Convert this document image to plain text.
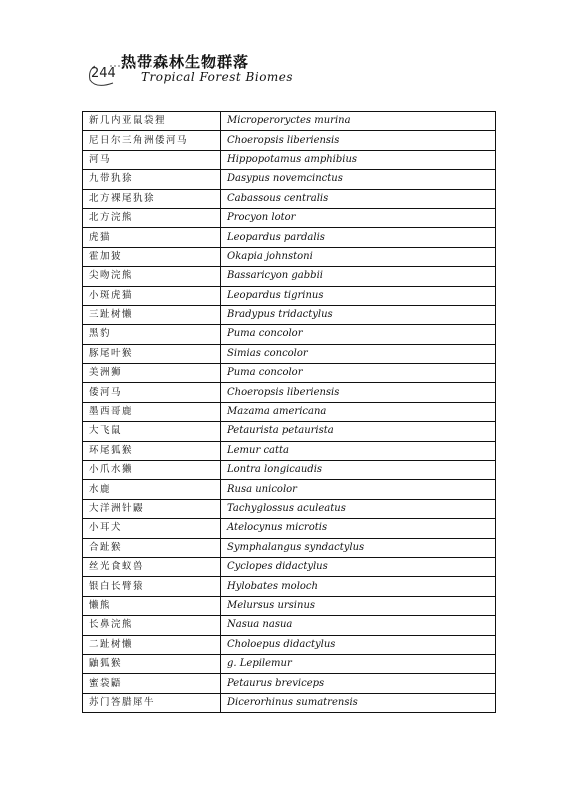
244
热带森林生物群落
Tropical Forest Biomes
新几内亚鼠袋狸	Microperoryctes murina
尼日尔三角洲倭河马	Choeropsis liberiensis
河马	Hippopotamus amphibius
九带犰狳	Dasypus novemcinctus
北方裸尾犰狳	Cabassous centralis
北方浣熊	Procyon lotor
虎猫	Leopardus pardalis
霍加狓	Okapia johnstoni
尖吻浣熊	Bassaricyon gabbii
小斑虎猫	Leopardus tigrinus
三趾树懒	Bradypus tridactylus
黑豹	Puma concolor
豚尾叶猴	Simias concolor
美洲狮	Puma concolor
倭河马	Choeropsis liberiensis
墨西哥鹿	Mazama americana
大飞鼠	Petaurista petaurista
环尾狐猴	Lemur catta
小爪水獭	Lontra longicaudis
水鹿	Rusa unicolor
大洋洲针鼹	Tachyglossus aculeatus
小耳犬	Atelocynus microtis
合趾猴	Symphalangus syndactylus
丝光食蚁兽	Cyclopes didactylus
银白长臂猿	Hylobates moloch
懒熊	Melursus ursinus
长鼻浣熊	Nasua nasua
二趾树懒	Choloepus didactylus
鼬狐猴	g. Lepilemur
蜜袋鼯	Petaurus breviceps
苏门答腊犀牛	Dicerorhinus sumatrensis
